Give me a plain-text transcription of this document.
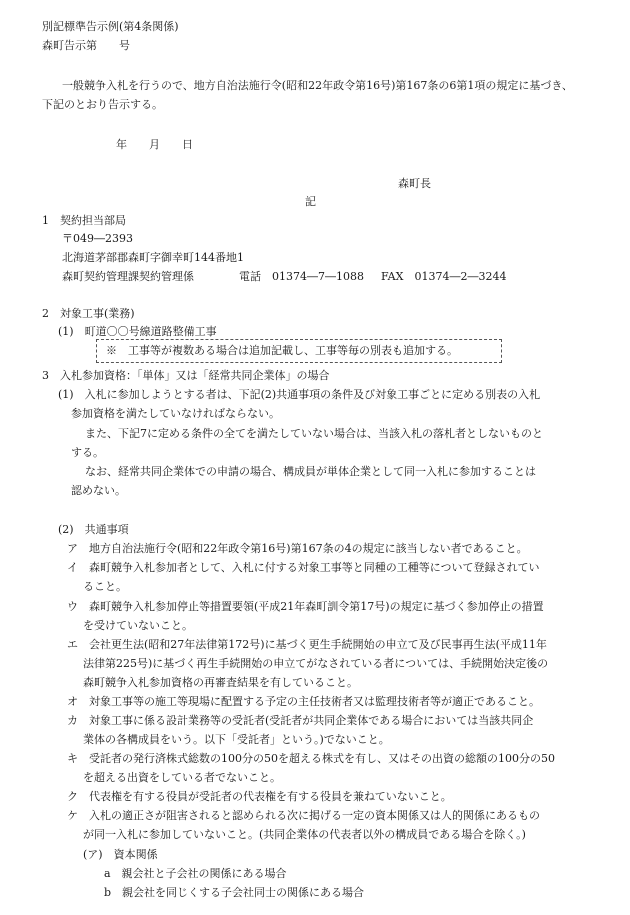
別記標準告示例(第4条関係)
森町告示第　　号
一般競争入札を行うので、地方自治法施行令(昭和22年政令第16号)第167条の6第1項の規定に基づき、
下記のとおり告示する。
年　　月　　日
森町長
記
1　契約担当部局
〒049―2393
北海道茅部郡森町字御幸町144番地1
森町契約管理課契約管理係	電話　01374―7―1088 FAX　01374―2―3244
2　対象工事(業務)
(1)　町道〇〇号線道路整備工事
※　工事等が複数ある場合は追加記載し、工事等毎の別表も追加する。
3　入札参加資格：「単体」又は「経常共同企業体」の場合
(1)　入札に参加しようとする者は、下記(2)共通事項の条件及び対象工事ごとに定める別表の入札
参加資格を満たしていなければならない。
また、下記7に定める条件の全てを満たしていない場合は、当該入札の落札者としないものと
する。
なお、経常共同企業体での申請の場合、構成員が単体企業として同一入札に参加することは
認めない。
(2)　共通事項
ア　地方自治法施行令(昭和22年政令第16号)第167条の4の規定に該当しない者であること。
イ　森町競争入札参加者として、入札に付する対象工事等と同種の工種等について登録されてい
ること。
ウ　森町競争入札参加停止等措置要領(平成21年森町訓令第17号)の規定に基づく参加停止の措置
を受けていないこと。
エ　会社更生法(昭和27年法律第172号)に基づく更生手続開始の申立て及び民事再生法(平成11年
法律第225号)に基づく再生手続開始の申立てがなされている者については、手続開始決定後の
森町競争入札参加資格の再審査結果を有していること。
オ　対象工事等の施工等現場に配置する予定の主任技術者又は監理技術者等が適正であること。
カ　対象工事に係る設計業務等の受託者(受託者が共同企業体である場合においては当該共同企
業体の各構成員をいう。以下「受託者」という。)でないこと。
キ　受託者の発行済株式総数の100分の50を超える株式を有し、又はその出資の総額の100分の50
を超える出資をしている者でないこと。
ク　代表権を有する役員が受託者の代表権を有する役員を兼ねていないこと。
ケ　入札の適正さが阻害されると認められる次に掲げる一定の資本関係又は人的関係にあるもの
が同一入札に参加していないこと。(共同企業体の代表者以外の構成員である場合を除く。)
(ア)　資本関係
a　親会社と子会社の関係にある場合
b　親会社を同じくする子会社同士の関係にある場合
